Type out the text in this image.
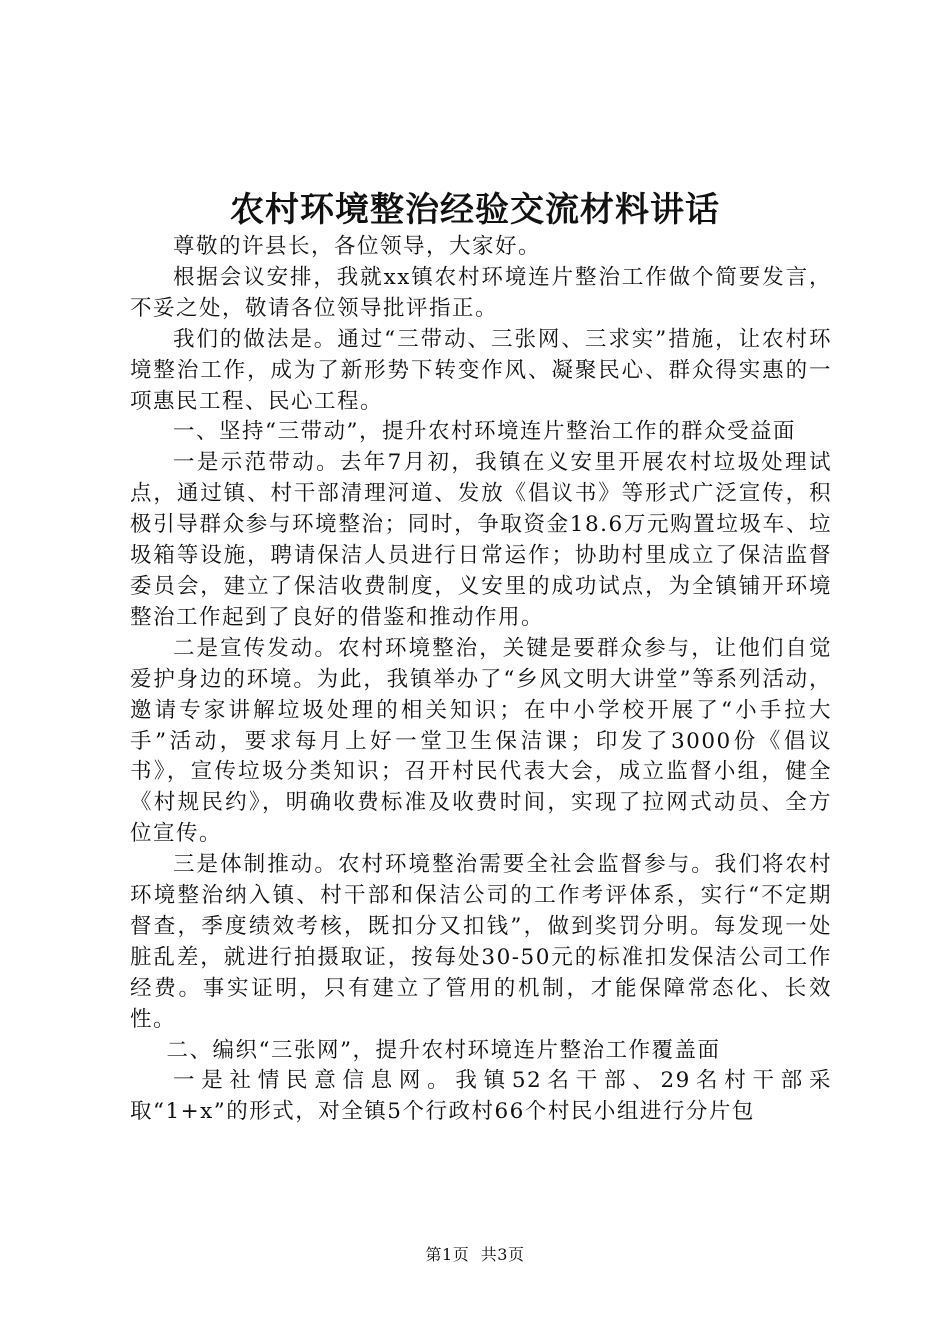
农村环境整治经验交流材料讲话

尊敬的许县长，各位领导，大家好。

根据会议安排，我就xx镇农村环境连片整治工作做个简要发言，不妥之处，敬请各位领导批评指正。

我们的做法是。通过“三带动、三张网、三求实”措施，让农村环境整治工作，成为了新形势下转变作风、凝聚民心、群众得实惠的一项惠民工程、民心工程。

一、坚持“三带动”，提升农村环境连片整治工作的群众受益面

一是示范带动。去年7月初，我镇在义安里开展农村垃圾处理试点，通过镇、村干部清理河道、发放《倡议书》等形式广泛宣传，积极引导群众参与环境整治；同时，争取资金18.6万元购置垃圾车、垃圾箱等设施，聘请保洁人员进行日常运作；协助村里成立了保洁监督委员会，建立了保洁收费制度，义安里的成功试点，为全镇铺开环境整治工作起到了良好的借鉴和推动作用。

二是宣传发动。农村环境整治，关键是要群众参与，让他们自觉爱护身边的环境。为此，我镇举办了“乡风文明大讲堂”等系列活动，邀请专家讲解垃圾处理的相关知识；在中小学校开展了“小手拉大手”活动，要求每月上好一堂卫生保洁课；印发了3000份《倡议书》，宣传垃圾分类知识；召开村民代表大会，成立监督小组，健全《村规民约》，明确收费标准及收费时间，实现了拉网式动员、全方位宣传。

三是体制推动。农村环境整治需要全社会监督参与。我们将农村环境整治纳入镇、村干部和保洁公司的工作考评体系，实行“不定期督查，季度绩效考核，既扣分又扣钱”，做到奖罚分明。每发现一处脏乱差，就进行拍摄取证，按每处30-50元的标准扣发保洁公司工作经费。事实证明，只有建立了管用的机制，才能保障常态化、长效性。

二、编织“三张网”，提升农村环境连片整治工作覆盖面

一是社情民意信息网。我镇52名干部、29名村干部采取“1+x”的形式，对全镇5个行政村66个村民小组进行分片包

第1页 共3页
